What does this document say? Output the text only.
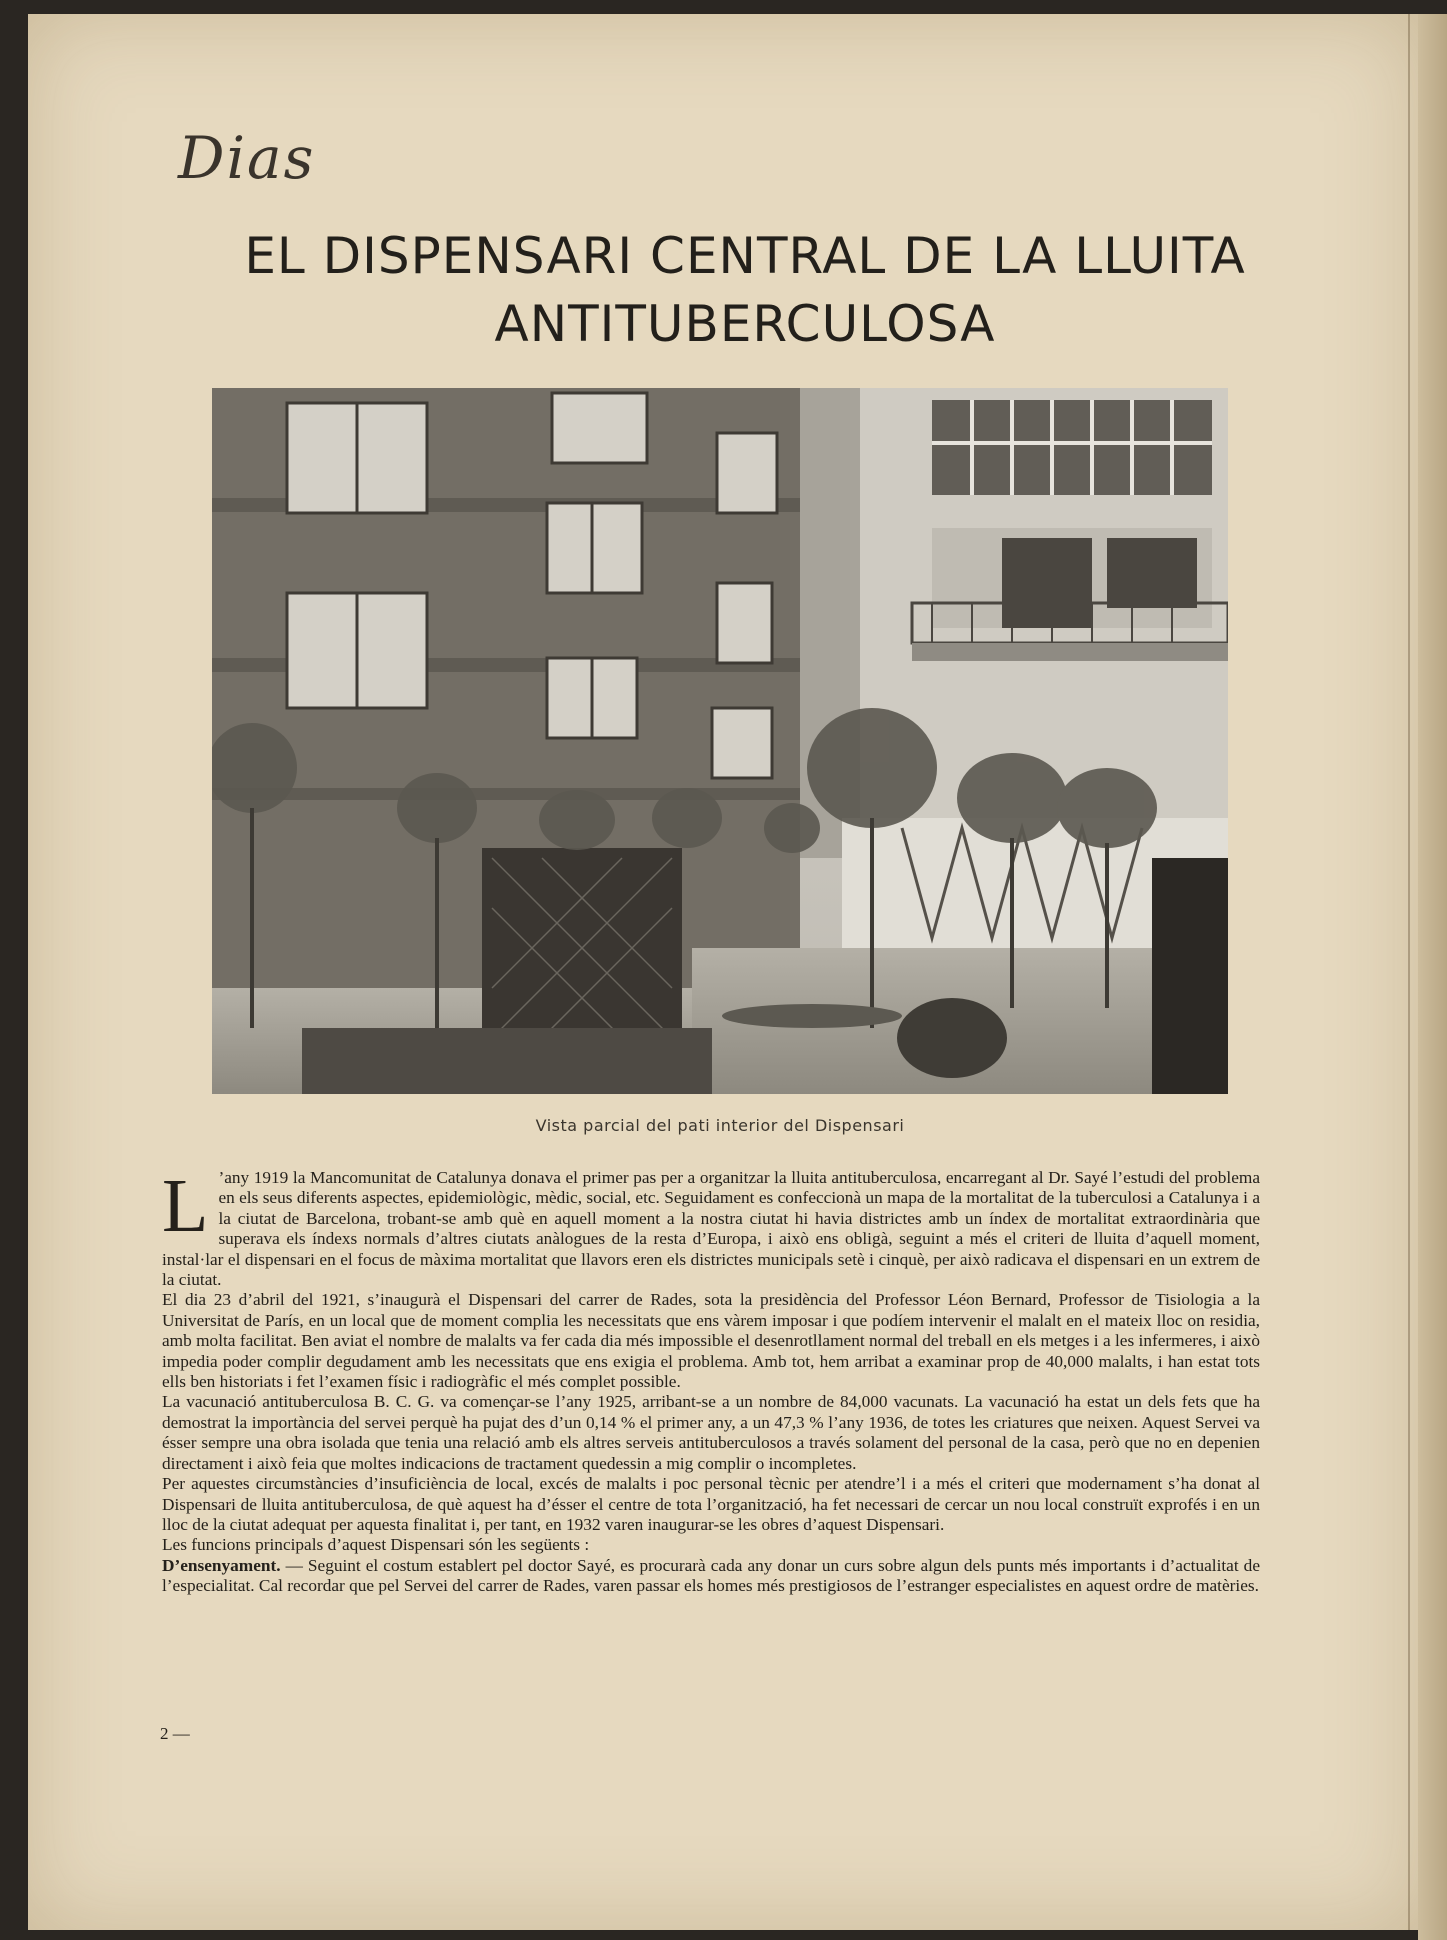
Dias
EL DISPENSARI CENTRAL DE LA LLUITA
ANTITUBERCULOSA
Vista parcial del pati interior del Dispensari
L ’any 1919 la Mancomunitat de Catalunya donava el primer pas per a organitzar la lluita antituberculosa, encarregant al Dr. Sayé l’estudi del problema en els seus diferents aspectes, epidemiològic, mèdic, social, etc. Seguidament es confeccionà un mapa de la mortalitat de la tuberculosi a Catalunya i a la ciutat de Barcelona, trobant-se amb què en aquell moment a la nostra ciutat hi havia districtes amb un índex de mortalitat extraordinària que superava els índexs normals d’altres ciutats anàlogues de la resta d’Europa, i això ens obligà, seguint a més el criteri de lluita d’aquell moment, instal·lar el dispensari en el focus de màxima mortalitat que llavors eren els districtes municipals setè i cinquè, per això radicava el dispensari en un extrem de la ciutat.

El dia 23 d’abril del 1921, s’inaugurà el Dispensari del carrer de Rades, sota la presidència del Professor Léon Bernard, Professor de Tisiologia a la Universitat de París, en un local que de moment complia les necessitats que ens vàrem imposar i que podíem intervenir el malalt en el mateix lloc on residia, amb molta facilitat. Ben aviat el nombre de malalts va fer cada dia més impossible el desenrotllament normal del treball en els metges i a les infermeres, i això impedia poder complir degudament amb les necessitats que ens exigia el problema. Amb tot, hem arribat a examinar prop de 40,000 malalts, i han estat tots ells ben historiats i fet l’examen físic i radiogràfic el més complet possible.

La vacunació antituberculosa B. C. G. va començar-se l’any 1925, arribant-se a un nombre de 84,000 vacunats. La vacunació ha estat un dels fets que ha demostrat la importància del servei perquè ha pujat des d’un 0,14 % el primer any, a un 47,3 % l’any 1936, de totes les criatures que neixen. Aquest Servei va ésser sempre una obra isolada que tenia una relació amb els altres serveis antituberculosos a través solament del personal de la casa, però que no en depenien directament i això feia que moltes indicacions de tractament quedessin a mig complir o incompletes.

Per aquestes circumstàncies d’insuficiència de local, excés de malalts i poc personal tècnic per atendre’l i a més el criteri que modernament s’ha donat al Dispensari de lluita antituberculosa, de què aquest ha d’ésser el centre de tota l’organització, ha fet necessari de cercar un nou local construït exprofés i en un lloc de la ciutat adequat per aquesta finalitat i, per tant, en 1932 varen inaugurar-se les obres d’aquest Dispensari.

Les funcions principals d’aquest Dispensari són les següents :

D’ensenyament. — Seguint el costum establert pel doctor Sayé, es procurarà cada any donar un curs sobre algun dels punts més importants i d’actualitat de l’especialitat. Cal recordar que pel Servei del carrer de Rades, varen passar els homes més prestigiosos de l’estranger especialistes en aquest ordre de matèries.

2 —
